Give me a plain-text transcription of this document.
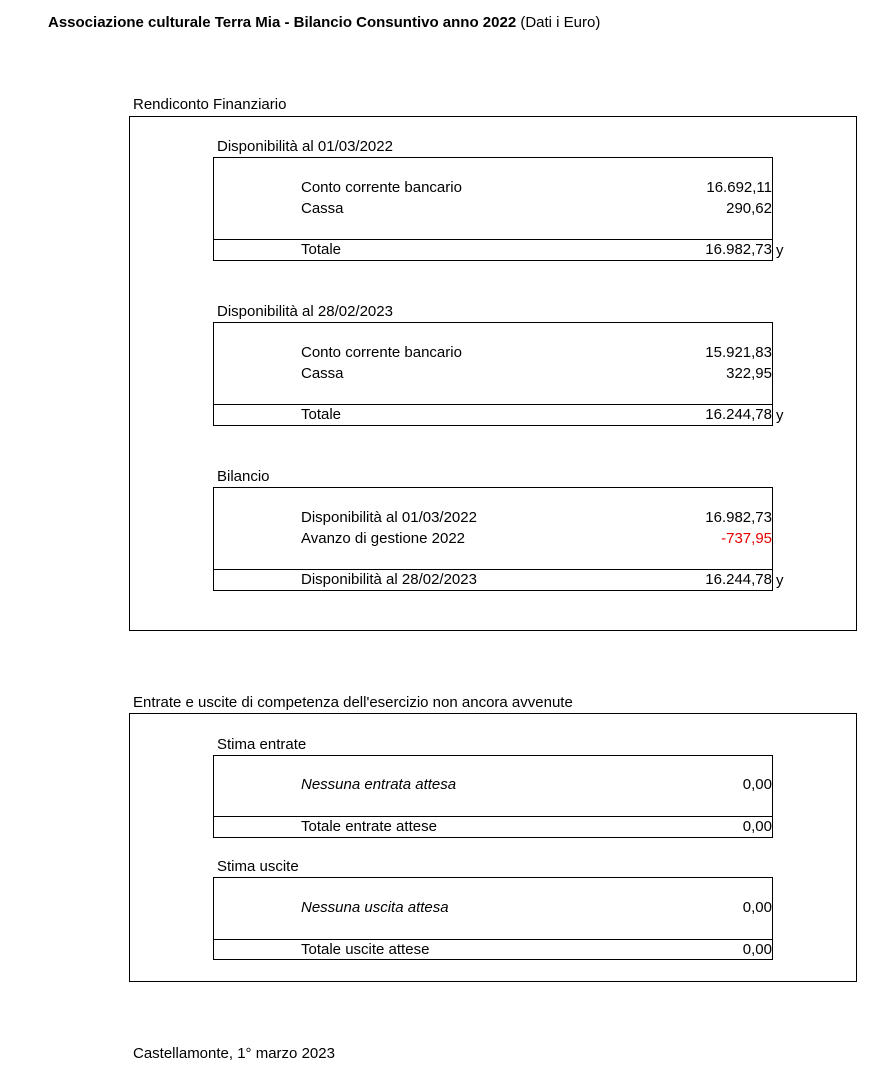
Associazione culturale Terra Mia - Bilancio Consuntivo anno 2022 (Dati i Euro)
Rendiconto Finanziario
Disponibilità al 01/03/2022
Conto corrente bancario	16.692,11
Cassa	290,62
Totale	16.982,73 y
Disponibilità al 28/02/2023
Conto corrente bancario	15.921,83
Cassa	322,95
Totale	16.244,78 y
Bilancio
Disponibilità al 01/03/2022	16.982,73
Avanzo di gestione 2022	-737,95
Disponibilità al 28/02/2023	16.244,78 y
Entrate e uscite di competenza dell'esercizio non ancora avvenute
Stima entrate
Nessuna entrata attesa	0,00
Totale entrate attese	0,00
Stima uscite
Nessuna uscita attesa	0,00
Totale uscite attese	0,00
Castellamonte, 1° marzo 2023
